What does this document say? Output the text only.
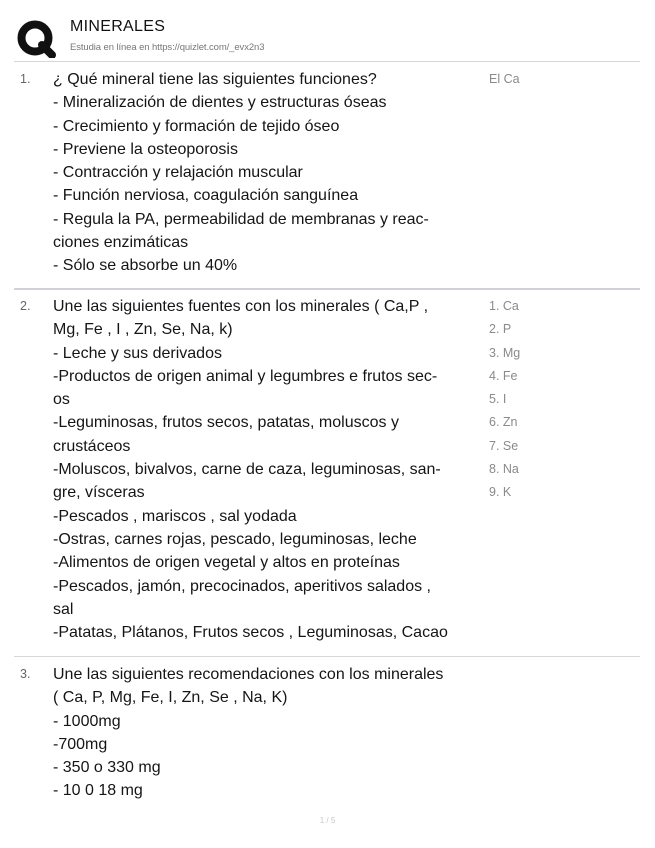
MINERALES
Estudia en línea en https://quizlet.com/_evx2n3
1. ¿ Qué mineral tiene las siguientes funciones?
- Mineralización de dientes y estructuras óseas
- Crecimiento y formación de tejido óseo
- Previene la osteoporosis
- Contracción y relajación muscular
- Función nerviosa, coagulación sanguínea
- Regula la PA, permeabilidad de membranas y reac-
ciones enzimáticas
- Sólo se absorbe un 40%
El Ca
2. Une las siguientes fuentes con los minerales ( Ca,P ,
Mg, Fe , I , Zn, Se, Na, k)
- Leche y sus derivados
-Productos de origen animal y legumbres e frutos sec-
os
-Leguminosas, frutos secos, patatas, moluscos y
crustáceos
-Moluscos, bivalvos, carne de caza, leguminosas, san-
gre, vísceras
-Pescados , mariscos , sal yodada
-Ostras, carnes rojas, pescado, leguminosas, leche
-Alimentos de origen vegetal y altos en proteínas
-Pescados, jamón, precocinados, aperitivos salados ,
sal
-Patatas, Plátanos, Frutos secos , Leguminosas, Cacao
1. Ca
2. P
3. Mg
4. Fe
5. I
6. Zn
7. Se
8. Na
9. K
3. Une las siguientes recomendaciones con los minerales
( Ca, P, Mg, Fe, I, Zn, Se , Na, K)
- 1000mg
-700mg
- 350 o 330 mg
- 10 0 18 mg
1 / 5
